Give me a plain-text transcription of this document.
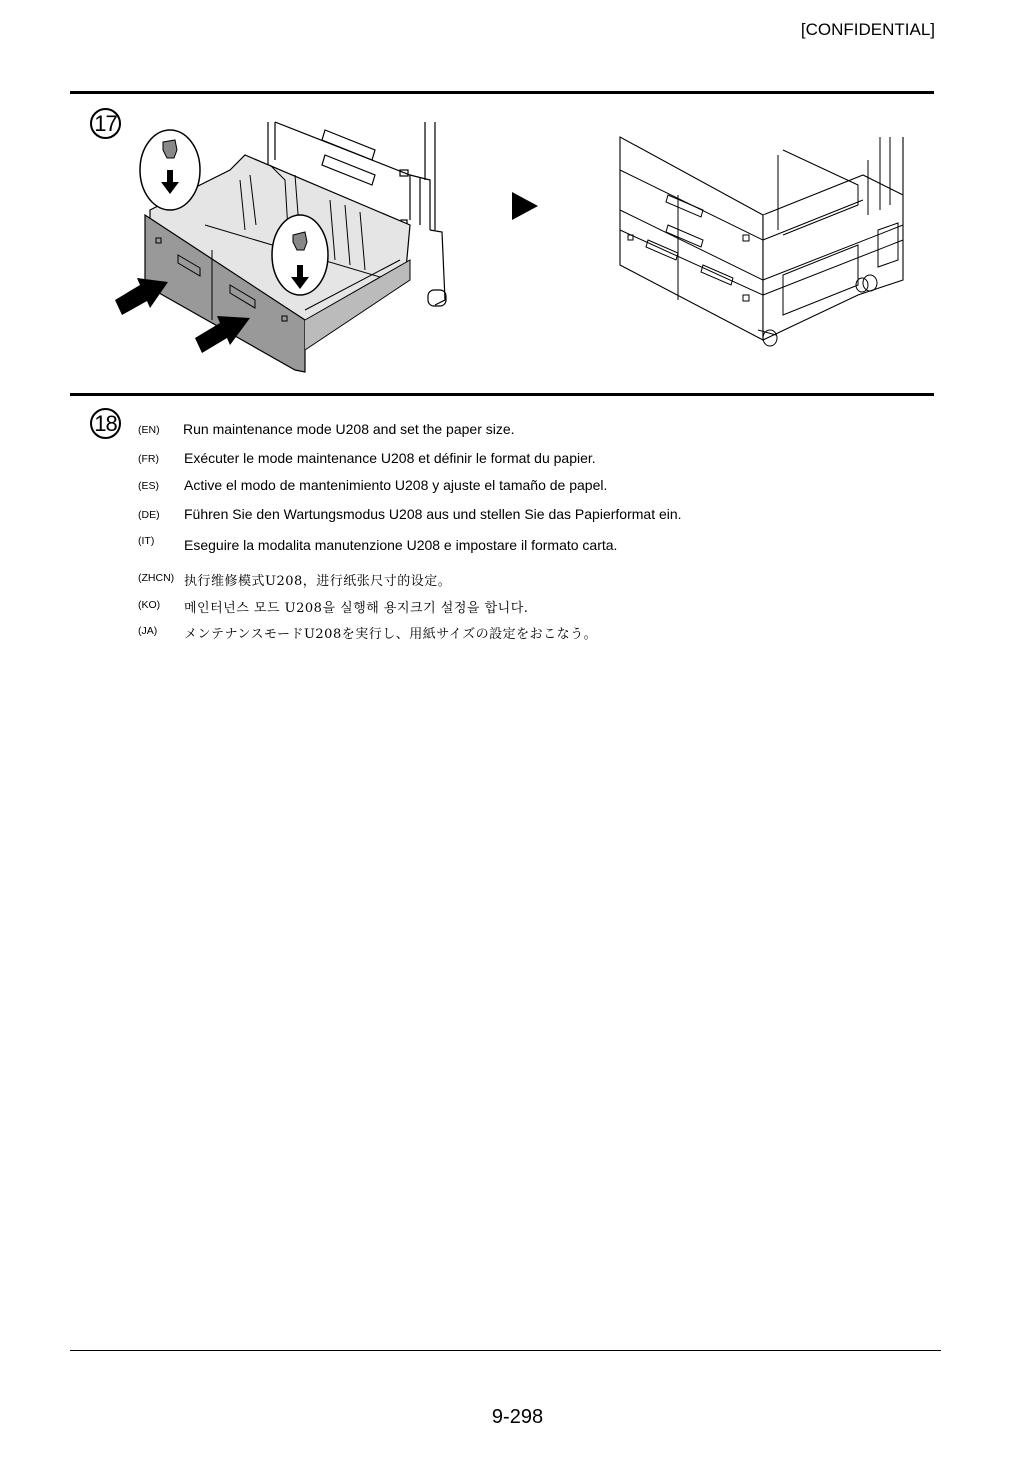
[CONFIDENTIAL]
17
18	(EN) Run maintenance mode U208 and set the paper size.
(FR) Exécuter le mode maintenance U208 et définir le format du papier.
(ES) Active el modo de mantenimiento U208 y ajuste el tamaño de papel.
(DE) Führen Sie den Wartungsmodus U208 aus und stellen Sie das Papierformat ein.
(IT) Eseguire la modalita manutenzione U208 e impostare il formato carta.
(ZHCN) 执行维修模式U208，进行纸张尺寸的设定。
(KO) 메인터넌스 모드 U208을 실행해 용지크기 설정을 합니다.
(JA) メンテナンスモードU208を実行し、用紙サイズの設定をおこなう。
9-298
